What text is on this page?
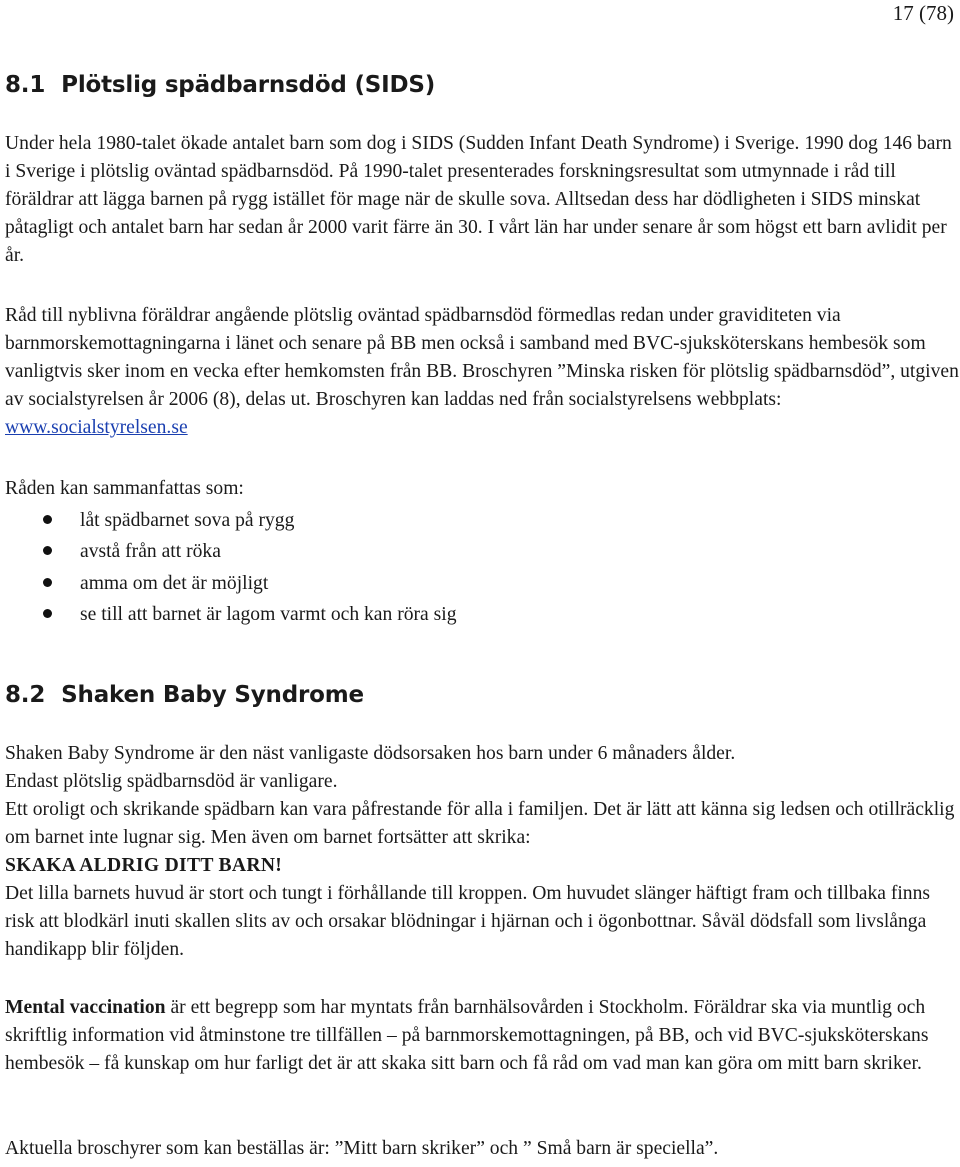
17 (78)
8.1 Plötslig spädbarnsdöd (SIDS)
Under hela 1980-talet ökade antalet barn som dog i SIDS (Sudden Infant Death Syndrome) i Sverige. 1990 dog 146 barn i Sverige i plötslig oväntad spädbarnsdöd. På 1990-talet presenterades forskningsresultat som utmynnade i råd till föräldrar att lägga barnen på rygg istället för mage när de skulle sova. Alltsedan dess har dödligheten i SIDS minskat påtagligt och antalet barn har sedan år 2000 varit färre än 30. I vårt län har under senare år som högst ett barn avlidit per år.
Råd till nyblivna föräldrar angående plötslig oväntad spädbarnsdöd förmedlas redan under graviditeten via barnmorskemottagningarna i länet och senare på BB men också i samband med BVC-sjuksköterskans hembesök som vanligtvis sker inom en vecka efter hemkomsten från BB. Broschyren ”Minska risken för plötslig spädbarnsdöd”, utgiven av socialstyrelsen år 2006 (8), delas ut. Broschyren kan laddas ned från socialstyrelsens webbplats: www.socialstyrelsen.se
Råden kan sammanfattas som:
låt spädbarnet sova på rygg
avstå från att röka
amma om det är möjligt
se till att barnet är lagom varmt och kan röra sig
8.2 Shaken Baby Syndrome

Shaken Baby Syndrome är den näst vanligaste dödsorsaken hos barn under 6 månaders ålder.

Endast plötslig spädbarnsdöd är vanligare.

Ett oroligt och skrikande spädbarn kan vara påfrestande för alla i familjen. Det är lätt att känna sig ledsen och otillräcklig om barnet inte lugnar sig. Men även om barnet fortsätter att skrika:

SKAKA ALDRIG DITT BARN!

Det lilla barnets huvud är stort och tungt i förhållande till kroppen. Om huvudet slänger häftigt fram och tillbaka finns risk att blodkärl inuti skallen slits av och orsakar blödningar i hjärnan och i ögonbottnar. Såväl dödsfall som livslånga handikapp blir följden.

Mental vaccination är ett begrepp som har myntats från barnhälsovården i Stockholm. Föräldrar ska via muntlig och skriftlig information vid åtminstone tre tillfällen – på barnmorskemottagningen, på BB, och vid BVC-sjuksköterskans hembesök – få kunskap om hur farligt det är att skaka sitt barn och få råd om vad man kan göra om mitt barn skriker.
Aktuella broschyrer som kan beställas är: ”Mitt barn skriker” och ” Små barn är speciella”.
